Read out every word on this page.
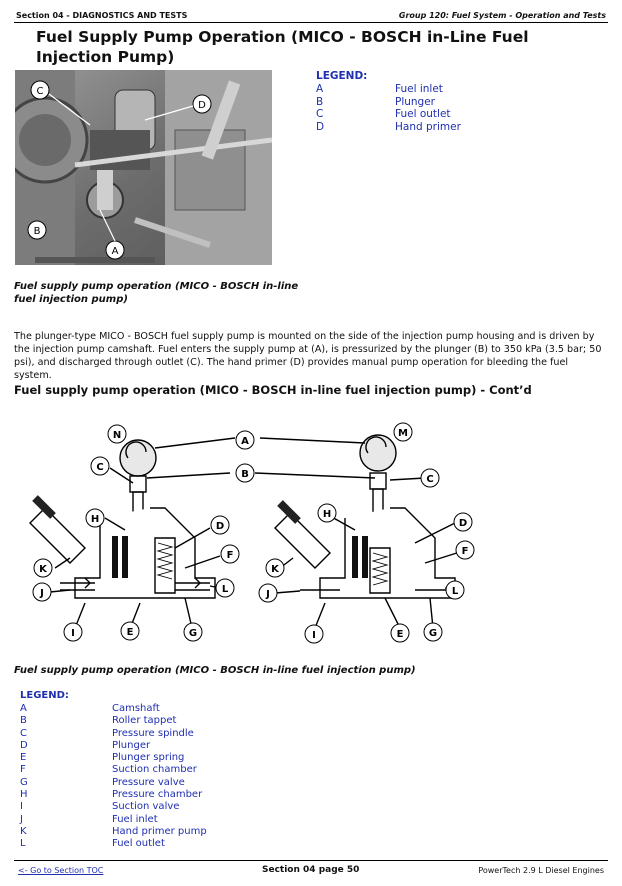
Section 04 - DIAGNOSTICS AND TESTS	Group 120: Fuel System - Operation and Tests
Fuel Supply Pump Operation (MICO - BOSCH in-Line Fuel Injection Pump)
A
B
C
D
LEGEND:
A	Fuel inlet
B	Plunger
C	Fuel outlet
D	Hand primer
Fuel supply pump operation (MICO - BOSCH in-line fuel injection pump)
The plunger-type MICO - BOSCH fuel supply pump is mounted on the side of the injection pump housing and is driven by the injection pump camshaft. Fuel enters the supply pump at (A), is pressurized by the plunger (B) to 350 kPa (3.5 bar; 50 psi), and discharged through outlet (C). The hand primer (D) provides manual pump operation for bleeding the fuel system.
Fuel supply pump operation (MICO - BOSCH in-line fuel injection pump) - Cont’d
N
A
M
B
C
C
H	H
D	D
F	F
K	K
J	J
L	L
I	I
E	E
G	G
Fuel supply pump operation (MICO - BOSCH in-line fuel injection pump)
LEGEND:
A	Camshaft
B	Roller tappet
C	Pressure spindle
D	Plunger
E	Plunger spring
F	Suction chamber
G	Pressure valve
H	Pressure chamber
I	Suction valve
J	Fuel inlet
K	Hand primer pump
L	Fuel outlet
<- Go to Section TOC	Section 04 page 50	PowerTech 2.9 L Diesel Engines
